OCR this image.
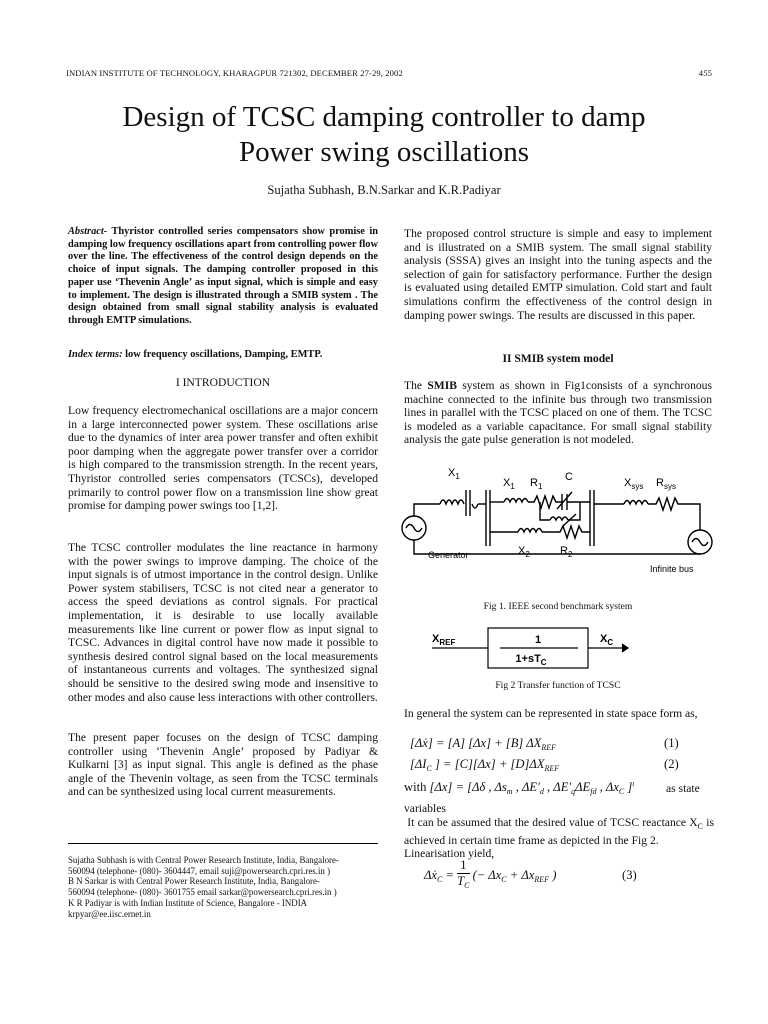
INDIAN INSTITUTE OF TECHNOLOGY, KHARAGPUR 721302, DECEMBER 27-29, 2002	455
Design of TCSC damping controller to damp
Power swing oscillations
Sujatha Subhash, B.N.Sarkar and K.R.Padiyar
Abstract- Thyristor controlled series compensators show promise in damping low frequency oscillations apart from controlling power flow over the line. The effectiveness of the control design depends on the choice of input signals. The damping controller proposed in this paper use ‘Thevenin Angle’ as input signal, which is simple and easy to implement. The design is illustrated through a SMIB system . The design obtained from small signal stability analysis is evaluated through EMTP simulations.
Index terms: low frequency oscillations, Damping, EMTP.
I INTRODUCTION
Low frequency electromechanical oscillations are a major concern in a large interconnected power system. These oscillations arise due to the dynamics of inter area power transfer and often exhibit poor damping when the aggregate power transfer over a corridor is high compared to the transmission strength. In the recent years, Thyristor controlled series compensators (TCSCs), developed primarily to control power flow on a transmission line show great promise for damping power swings too [1,2].
The TCSC controller modulates the line reactance in harmony with the power swings to improve damping. The choice of the input signals is of utmost importance in the control design. Unlike Power system stabilisers, TCSC is not cited near a generator to access the speed deviations as control signals. For practical implementation, it is desirable to use locally available measurements like line current or power flow as input signal to TCSC. Advances in digital control have now made it possible to synthesis desired control signal based on the local measurements of instantaneous currents and voltages. The synthesized signal should be sensitive to the desired swing mode and insensitive to other modes and also cause less interactions with other controllers.
The present paper focuses on the design of TCSC damping controller using ‘Thevenin Angle’ proposed by Padiyar & Kulkarni [3] as input signal. This angle is defined as the phase angle of the Thevenin voltage, as seen from the TCSC terminals and can be synthesized using local current measurements.
Sujatha Subhash is with Central Power Research Institute, India, Bangalore-
560094 (telephone- (080)- 3604447, email suji@powersearch.cpri.res.in )
B N Sarkar is with Central Power Research Institute, India, Bangalore-
560094 (telephone- (080)- 3601755 email sarkar@powersearch.cpri.res.in )
K R Padiyar is with Indian Institute of Science, Bangalore - INDIA
krpyar@ee.iisc.ernet.in
The proposed control structure is simple and easy to implement and is illustrated on a SMIB system. The small signal stability analysis (SSSA) gives an insight into the tuning aspects and the selection of gain for satisfactory performance. Further the design is evaluated using detailed EMTP simulation. Cold start and fault simulations confirm the effectiveness of the control design in damping power swings. The results are discussed in this paper.
II SMIB system model
The SMIB system as shown in Fig1consists of a synchronous machine connected to the infinite bus through two transmission lines in parallel with the TCSC placed on one of them. The TCSC is modeled as a variable capacitance. For small signal stability analysis the gate pulse generation is not modeled.
$X_1$
$X_1$ $R_1$
C
$X_2$	$R_2$
$X_{sys}$ $R_{sys}$
Generator
Infinite bus
Fig 1. IEEE second benchmark system
$X_{REF}$	$X_C$
1
$1+sT_C$
Fig 2 Transfer function of TCSC
In general the system can be represented in state space form as,
[Δẋ] = [A] [Δx] + [B] $\Delta X_{REF}$	(1)
[$\Delta I_C$ ] = $[C][\Delta x] + [D]\Delta X_{REF}$	(2)
with [Δx] = [Δδ , $\Delta s_m$ , $\Delta E'_d$ , $\Delta E'_q\Delta E_{fd}$ , $\Delta x_C$ ]$^t$	as state
variables
It can be assumed that the desired value of TCSC reactance $X_C$ is achieved in certain time frame as depicted in the Fig 2.
Linearisation yield,
Δẋ$_C$ = $\frac{1}{T_C}$ (− $\Delta x_C + \Delta x_{REF}$ )	(3)
